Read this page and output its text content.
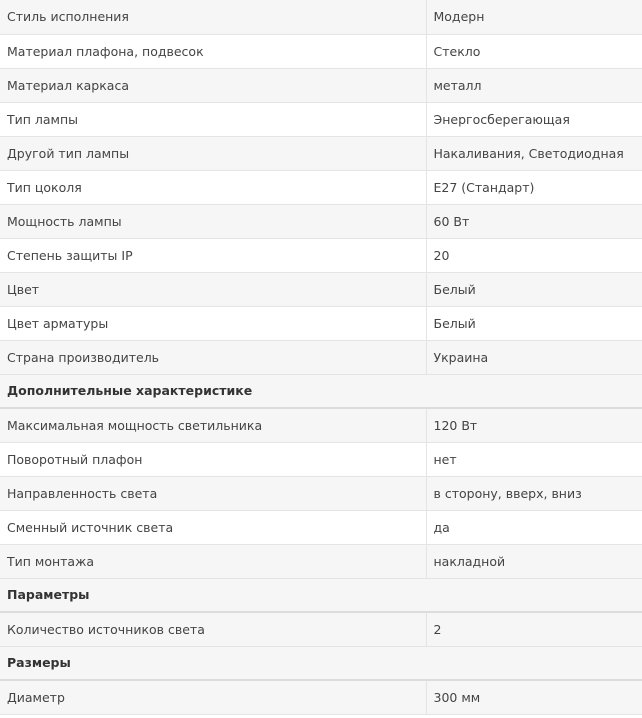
Стиль исполнения	Модерн
Материал плафона, подвесок	Стекло
Материал каркаса	металл
Тип лампы	Энергосберегающая
Другой тип лампы	Накаливания, Светодиодная
Тип цоколя	E27 (Стандарт)
Мощность лампы	60 Вт
Степень защиты IP	20
Цвет	Белый
Цвет арматуры	Белый
Страна производитель	Украина
Дополнительные характеристике	
Максимальная мощность светильника	120 Вт
Поворотный плафон	нет
Направленность света	в сторону, вверх, вниз
Сменный источник света	да
Тип монтажа	накладной
Параметры	
Количество источников света	2
Размеры	
Диаметр	300 мм
